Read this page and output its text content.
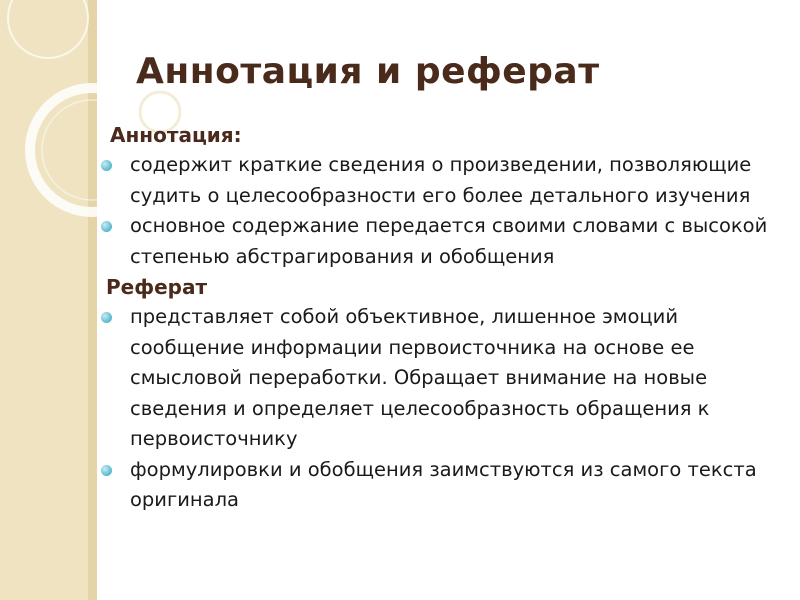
Аннотация и реферат
Аннотация:
содержит краткие сведения о произведении, позволяющие судить о целесообразности его более детального изучения
основное содержание передается своими словами с высокой степенью абстрагирования и обобщения
Реферат
представляет собой объективное, лишенное эмоций сообщение информации первоисточника на основе ее смысловой переработки. Обращает внимание на новые сведения и определяет целесообразность обращения к первоисточнику
формулировки и обобщения заимствуются из самого текста оригинала
